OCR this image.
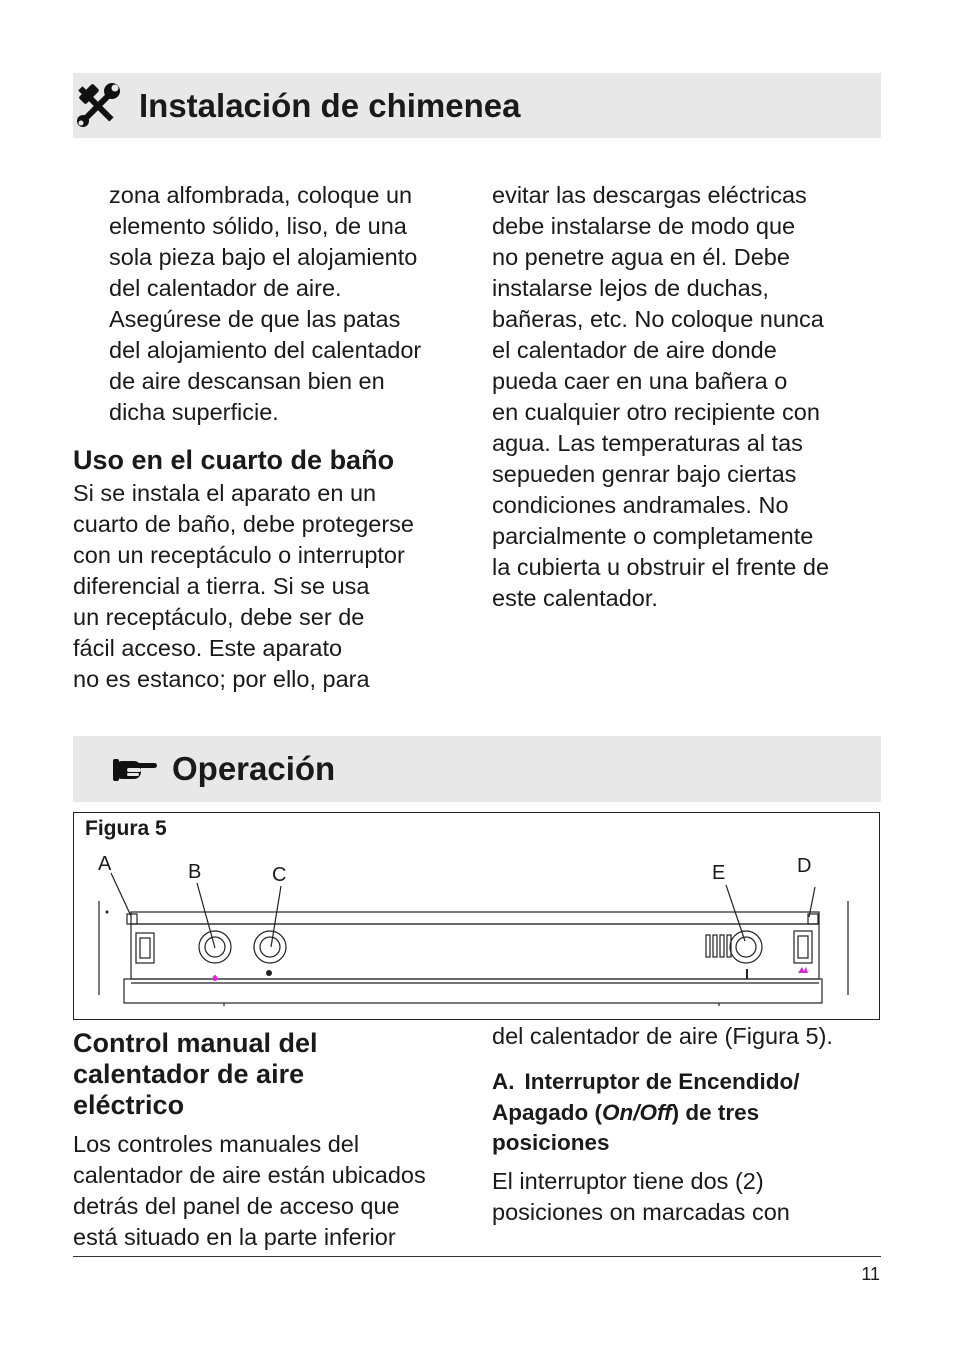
Instalación de chimenea
zona alfombrada, coloque un
elemento sólido, liso, de una
sola pieza bajo el alojamiento
del calentador de aire.
Asegúrese de que las patas
del alojamiento del calentador
de aire descansan bien en
dicha superficie.
Uso en el cuarto de baño
Si se instala el aparato en un
cuarto de baño, debe protegerse
con un receptáculo o interruptor
diferencial a tierra. Si se usa
un receptáculo, debe ser de
fácil acceso. Este aparato
no es estanco; por ello, para
evitar las descargas eléctricas
debe instalarse de modo que
no penetre agua en él. Debe
instalarse lejos de duchas,
bañeras, etc. No coloque nunca
el calentador de aire donde
pueda caer en una bañera o
en cualquier otro recipiente con
agua. Las temperaturas al tas
sepueden genrar bajo ciertas
condiciones andramales. No
parcialmente o completamente
la cubierta u obstruir el frente de
este calentador.
Operación

Figura 5

A	B	C	D
E
Control manual del
calentador de aire
eléctrico
Los controles manuales del
calentador de aire están ubicados
detrás del panel de acceso que
está situado en la parte inferior
del calentador de aire (Figura 5).
A. Interruptor de Encendido/
Apagado (On/Off) de tres
posiciones
El interruptor tiene dos (2)
posiciones on marcadas con
11
